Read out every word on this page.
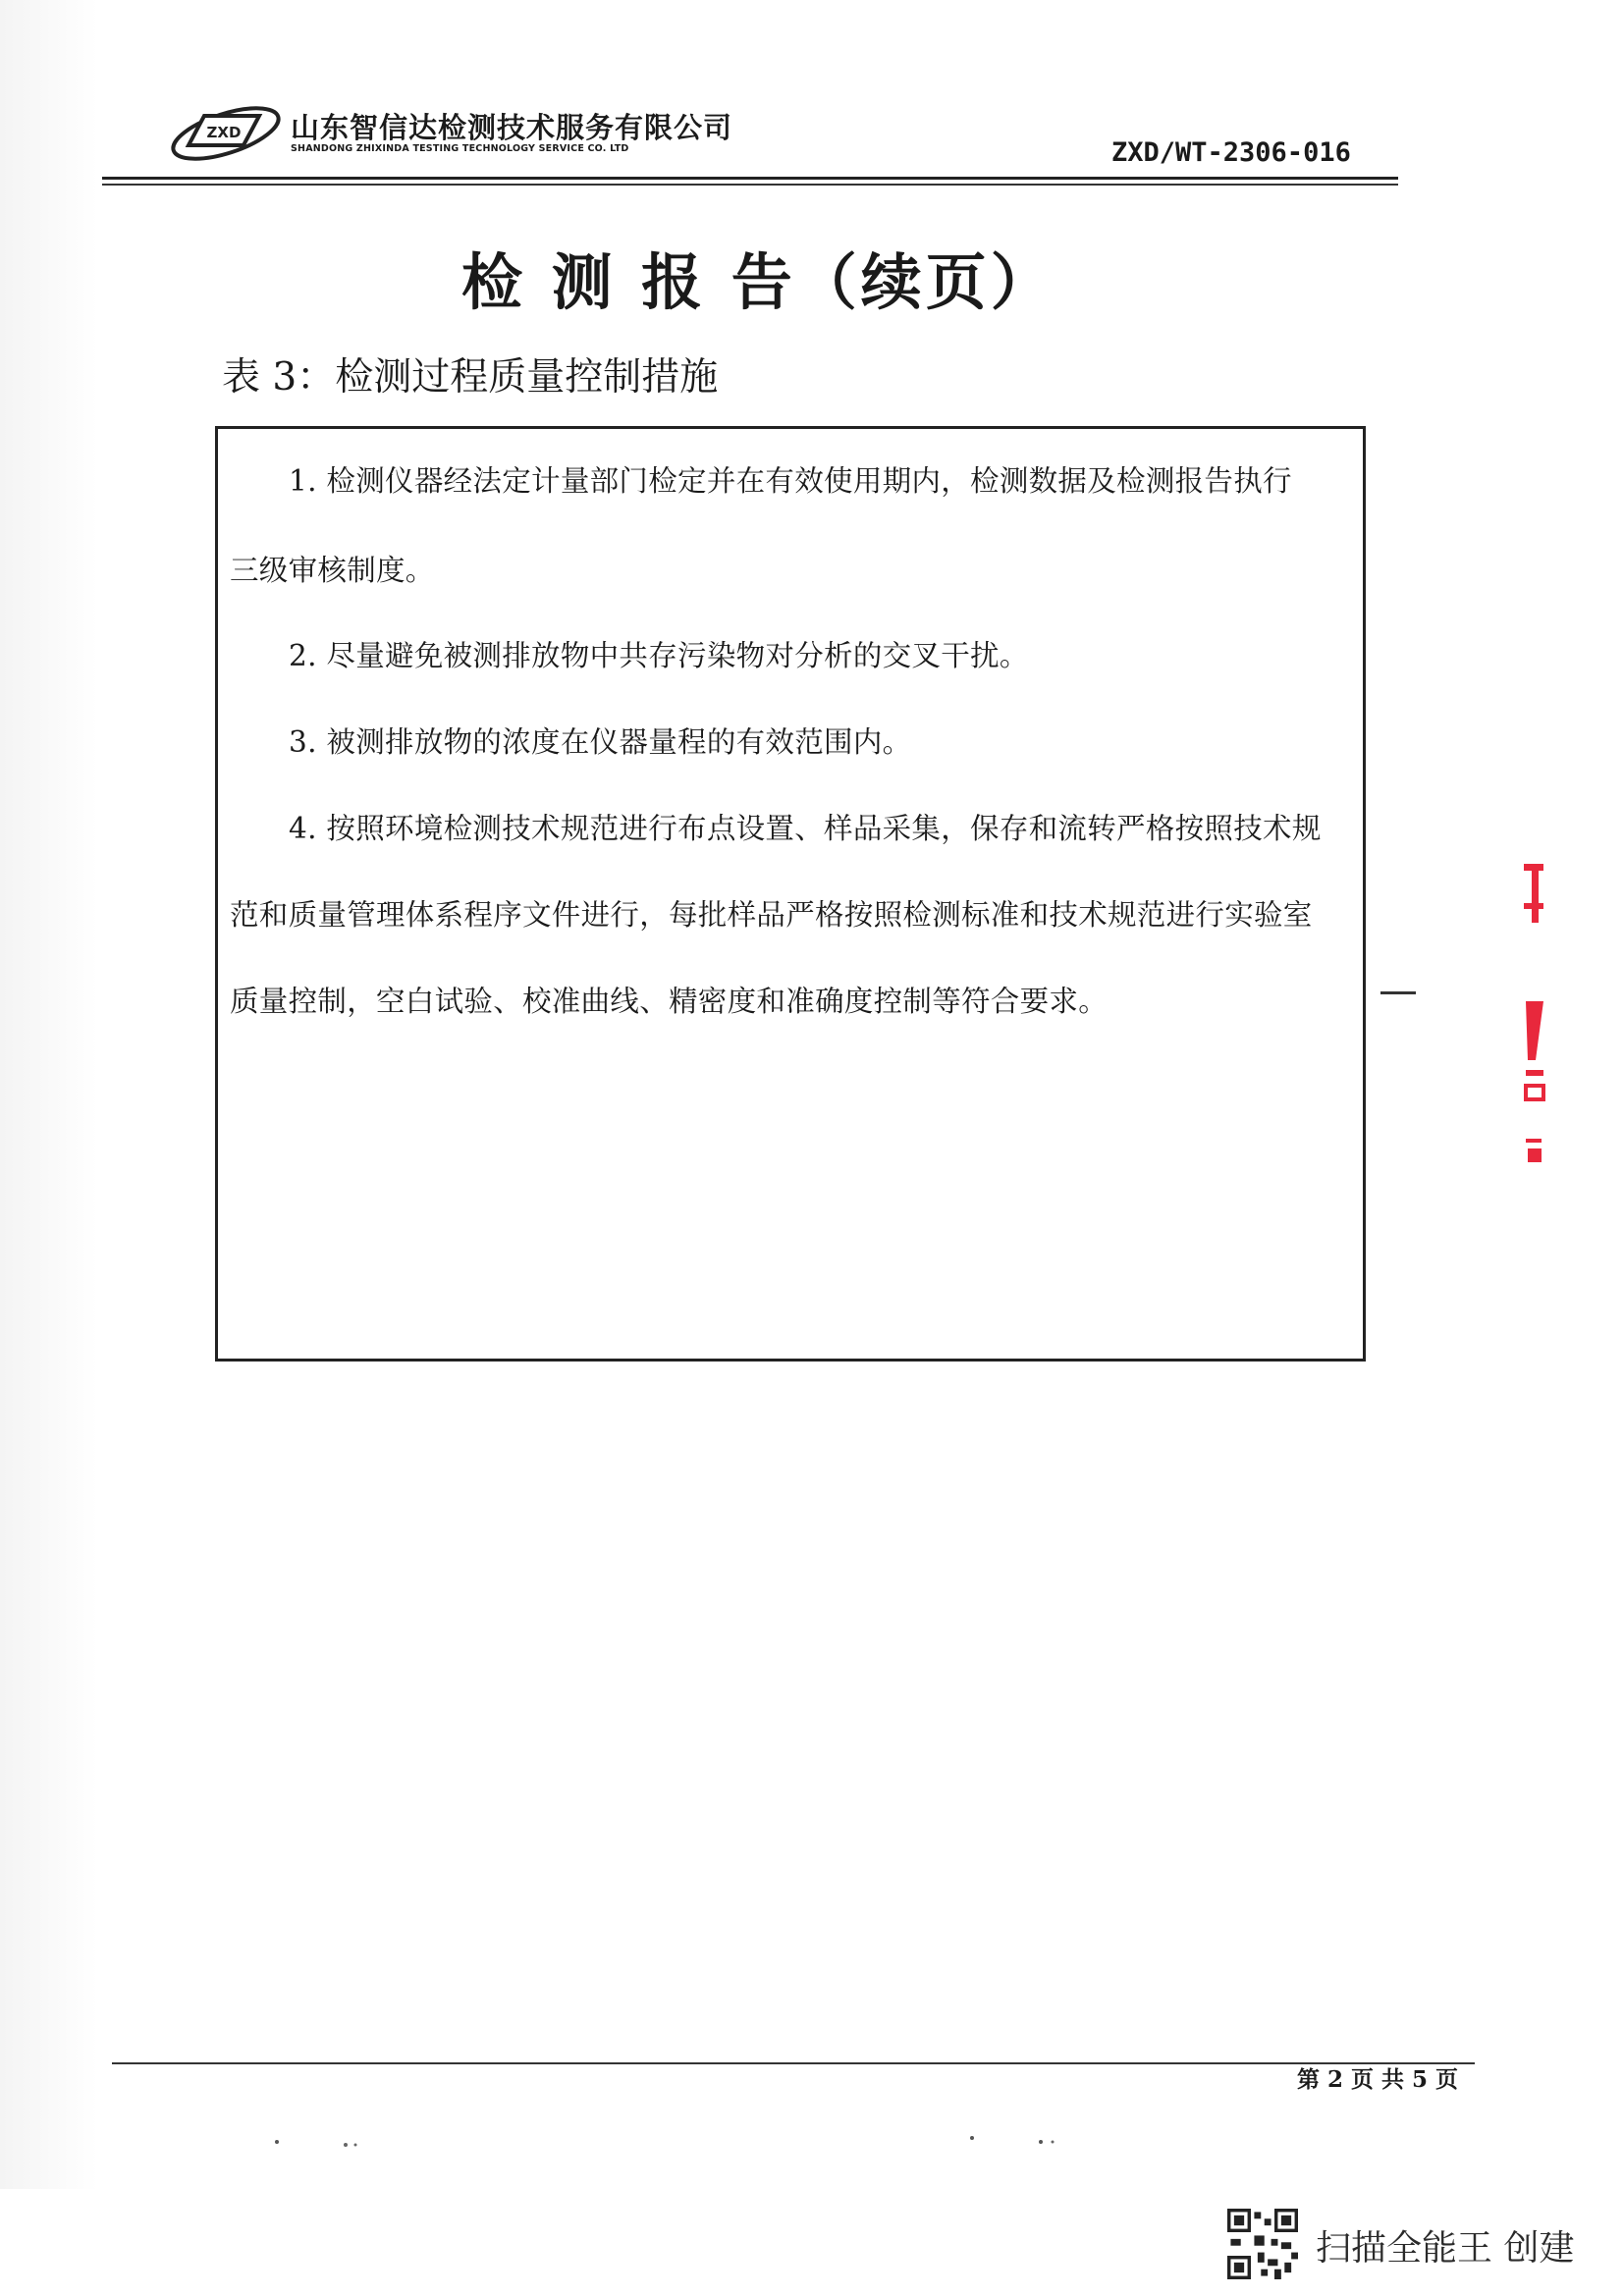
ZXD 山东智信达检测技术服务有限公司
SHANDONG ZHIXINDA TESTING TECHNOLOGY SERVICE CO. LTD	ZXD/WT-2306-016
检 测 报 告（续页）
表 3：检测过程质量控制措施
1. 检测仪器经法定计量部门检定并在有效使用期内，检测数据及检测报告执行
三级审核制度。
2. 尽量避免被测排放物中共存污染物对分析的交叉干扰。
3. 被测排放物的浓度在仪器量程的有效范围内。
4. 按照环境检测技术规范进行布点设置、样品采集，保存和流转严格按照技术规
范和质量管理体系程序文件进行，每批样品严格按照检测标准和技术规范进行实验室
质量控制，空白试验、校准曲线、精密度和准确度控制等符合要求。
第 2 页 共 5 页
扫描全能王 创建
